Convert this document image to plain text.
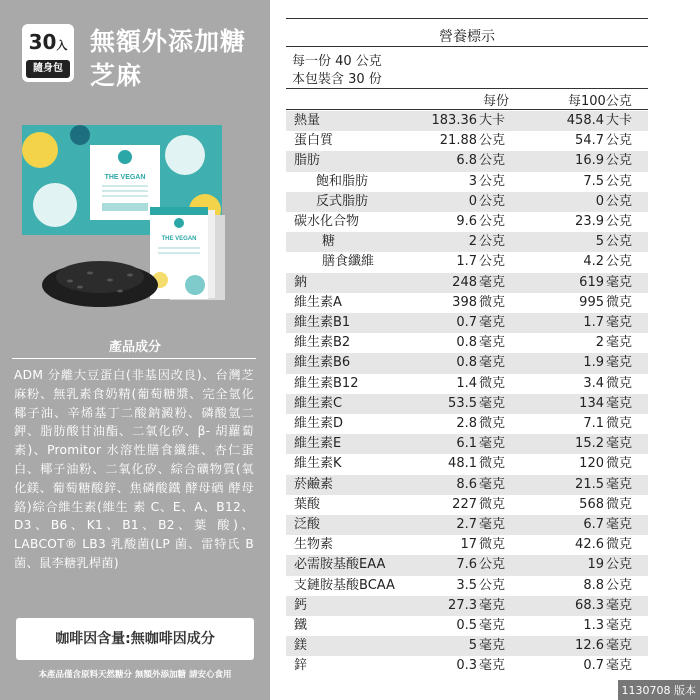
30入
隨身包
無額外添加糖
芝麻
THE VEGAN
THE VEGAN
產品成分
ADM 分離大豆蛋白(非基因改良)、台灣芝麻粉、無乳素食奶精(葡萄糖漿、完全氫化椰子油、辛烯基丁二酸鈉澱粉、磷酸氫二鉀、脂肪酸甘油酯、二氧化矽、β- 胡蘿蔔素)、Promitor 水溶性膳食纖維、杏仁蛋白、椰子油粉、二氧化矽、綜合礦物質(氧化鎂、葡萄糖酸鋅、焦磷酸鐵 酵母硒 酵母鉻)綜合維生素(維生 素 C、E、A、B12、D3、B6、K1、B1、B2、葉 酸)、LABCOT® LB3 乳酸菌(LP 菌、雷特氏 B 菌、鼠李糖乳桿菌)
咖啡因含量:無咖啡因成分
本產品僅含原料天然糖分 無額外添加糖 請安心食用
營養標示
每一份 40 公克
本包裝含 30 份
每份	每100公克
熱量	183.36 大卡	458.4 大卡
蛋白質	21.88 公克	54.7 公克
脂肪	6.8 公克	16.9 公克
飽和脂肪	3 公克	7.5 公克
反式脂肪	0 公克	0 公克
碳水化合物	9.6 公克	23.9 公克
糖	2 公克	5 公克
膳食纖維	1.7 公克	4.2 公克
鈉	248 毫克	619 毫克
維生素A	398 微克	995 微克
維生素B1	0.7 毫克	1.7 毫克
維生素B2	0.8 毫克	2 毫克
維生素B6	0.8 毫克	1.9 毫克
維生素B12	1.4 微克	3.4 微克
維生素C	53.5 毫克	134 毫克
維生素D	2.8 微克	7.1 微克
維生素E	6.1 毫克	15.2 毫克
維生素K	48.1 微克	120 微克
菸鹼素	8.6 毫克	21.5 毫克
葉酸	227 微克	568 微克
泛酸	2.7 毫克	6.7 毫克
生物素	17 微克	42.6 微克
必需胺基酸EAA	7.6 公克	19 公克
支鏈胺基酸BCAA	3.5 公克	8.8 公克
鈣	27.3 毫克	68.3 毫克
鐵	0.5 毫克	1.3 毫克
鎂	5 毫克	12.6 毫克
鋅	0.3 毫克	0.7 毫克
1130708 版本
